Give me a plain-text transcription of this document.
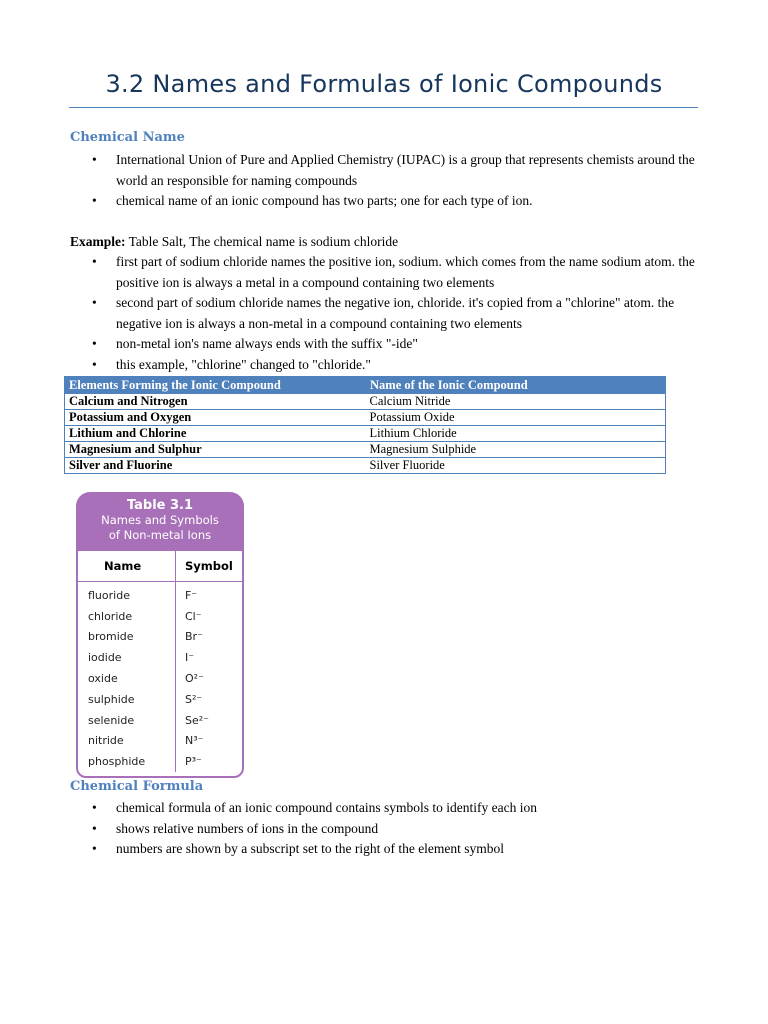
3.2 Names and Formulas of Ionic Compounds
Chemical Name
• International Union of Pure and Applied Chemistry (IUPAC) is a group that represents chemists around the world an responsible for naming compounds
• chemical name of an ionic compound has two parts; one for each type of ion.
Example: Table Salt, The chemical name is sodium chloride
• first part of sodium chloride names the positive ion, sodium. which comes from the name sodium atom. the positive ion is always a metal in a compound containing two elements
• second part of sodium chloride names the negative ion, chloride. it's copied from a "chlorine" atom. the negative ion is always a non-metal in a compound containing two elements
• non-metal ion's name always ends with the suffix "-ide"
• this example, "chlorine" changed to "chloride."
Elements Forming the Ionic Compound	Name of the Ionic Compound
Calcium and Nitrogen	Calcium Nitride
Potassium and Oxygen	Potassium Oxide
Lithium and Chlorine	Lithium Chloride
Magnesium and Sulphur	Magnesium Sulphide
Silver and Fluorine	Silver Fluoride
Table 3.1
Names and Symbols
of Non-metal Ions
Name	Symbol
fluoride	F⁻
chloride	Cl⁻
bromide	Br⁻
iodide	I⁻
oxide	O²⁻
sulphide	S²⁻
selenide	Se²⁻
nitride	N³⁻
phosphide	P³⁻
Chemical Formula
• chemical formula of an ionic compound contains symbols to identify each ion
• shows relative numbers of ions in the compound
• numbers are shown by a subscript set to the right of the element symbol
